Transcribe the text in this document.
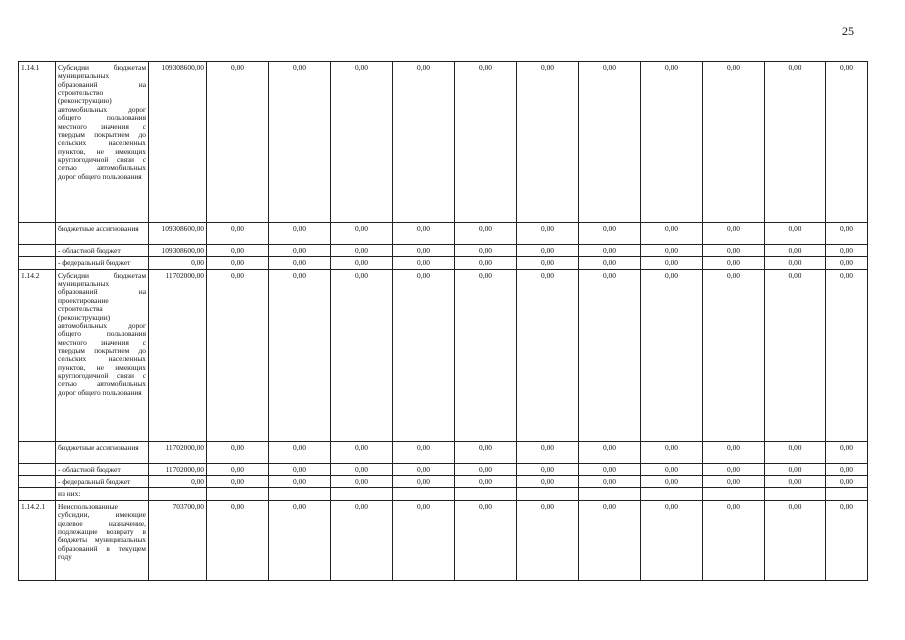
25
1.14.1	Субсидии бюджетам муниципальных образований на строительство (реконструкцию) автомобильных дорог общего пользования местного значения с твердым покрытием до сельских населенных пунктов, не имеющих круглогодичной связи с сетью автомобильных дорог общего пользования	109308600,00	0,00	0,00	0,00	0,00	0,00	0,00	0,00	0,00	0,00	0,00	0,00
	бюджетные ассигнования	109308600,00	0,00	0,00	0,00	0,00	0,00	0,00	0,00	0,00	0,00	0,00	0,00
	- областной бюджет	109308600,00	0,00	0,00	0,00	0,00	0,00	0,00	0,00	0,00	0,00	0,00	0,00
	- федеральный бюджет	0,00	0,00	0,00	0,00	0,00	0,00	0,00	0,00	0,00	0,00	0,00	0,00
1.14.2	Субсидии бюджетам муниципальных образований на проектирование строительства (реконструкции) автомобильных дорог общего пользования местного значения с твердым покрытием до сельских населенных пунктов, не имеющих круглогодичной связи с сетью автомобильных дорог общего пользования	11702000,00	0,00	0,00	0,00	0,00	0,00	0,00	0,00	0,00	0,00	0,00	0,00
	бюджетные ассигнования	11702000,00	0,00	0,00	0,00	0,00	0,00	0,00	0,00	0,00	0,00	0,00	0,00
	- областной бюджет	11702000,00	0,00	0,00	0,00	0,00	0,00	0,00	0,00	0,00	0,00	0,00	0,00
	- федеральный бюджет	0,00	0,00	0,00	0,00	0,00	0,00	0,00	0,00	0,00	0,00	0,00	0,00
	из них:												
1.14.2.1	Неиспользованные субсидии, имеющие целевое назначение, подлежащие возврату в бюджеты муниципальных образований в текущем году	703700,00	0,00	0,00	0,00	0,00	0,00	0,00	0,00	0,00	0,00	0,00	0,00
